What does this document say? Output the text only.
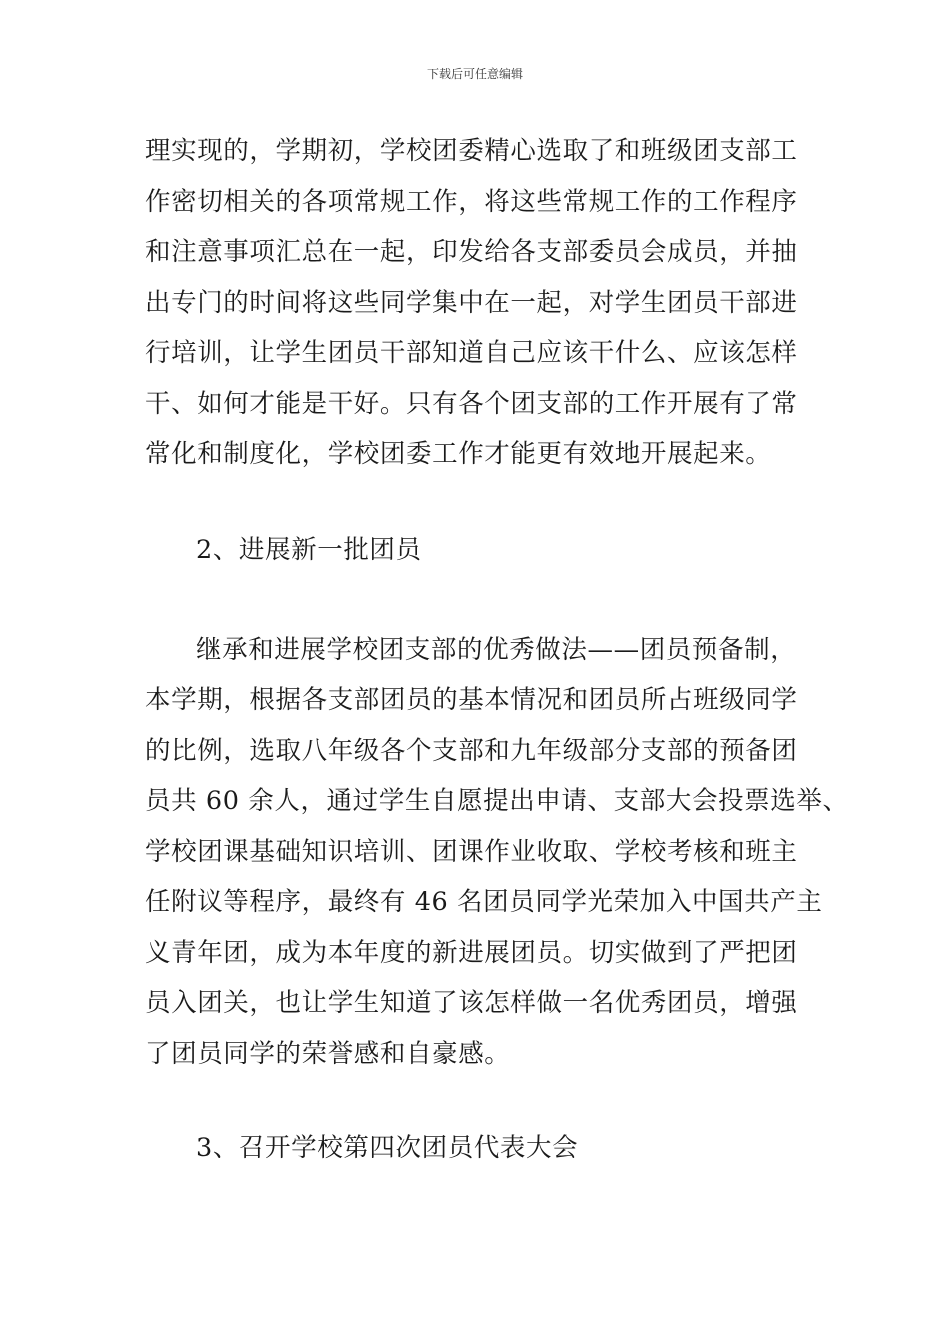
下载后可任意编辑
理实现的，学期初，学校团委精心选取了和班级团支部工
作密切相关的各项常规工作，将这些常规工作的工作程序
和注意事项汇总在一起，印发给各支部委员会成员，并抽
出专门的时间将这些同学集中在一起，对学生团员干部进
行培训，让学生团员干部知道自己应该干什么、应该怎样
干、如何才能是干好。只有各个团支部的工作开展有了常
常化和制度化，学校团委工作才能更有效地开展起来。
2、进展新一批团员
继承和进展学校团支部的优秀做法——团员预备制，
本学期，根据各支部团员的基本情况和团员所占班级同学
的比例，选取八年级各个支部和九年级部分支部的预备团
员共 60 余人，通过学生自愿提出申请、支部大会投票选举、
学校团课基础知识培训、团课作业收取、学校考核和班主
任附议等程序，最终有 46 名团员同学光荣加入中国共产主
义青年团，成为本年度的新进展团员。切实做到了严把团
员入团关，也让学生知道了该怎样做一名优秀团员，增强
了团员同学的荣誉感和自豪感。
3、召开学校第四次团员代表大会
